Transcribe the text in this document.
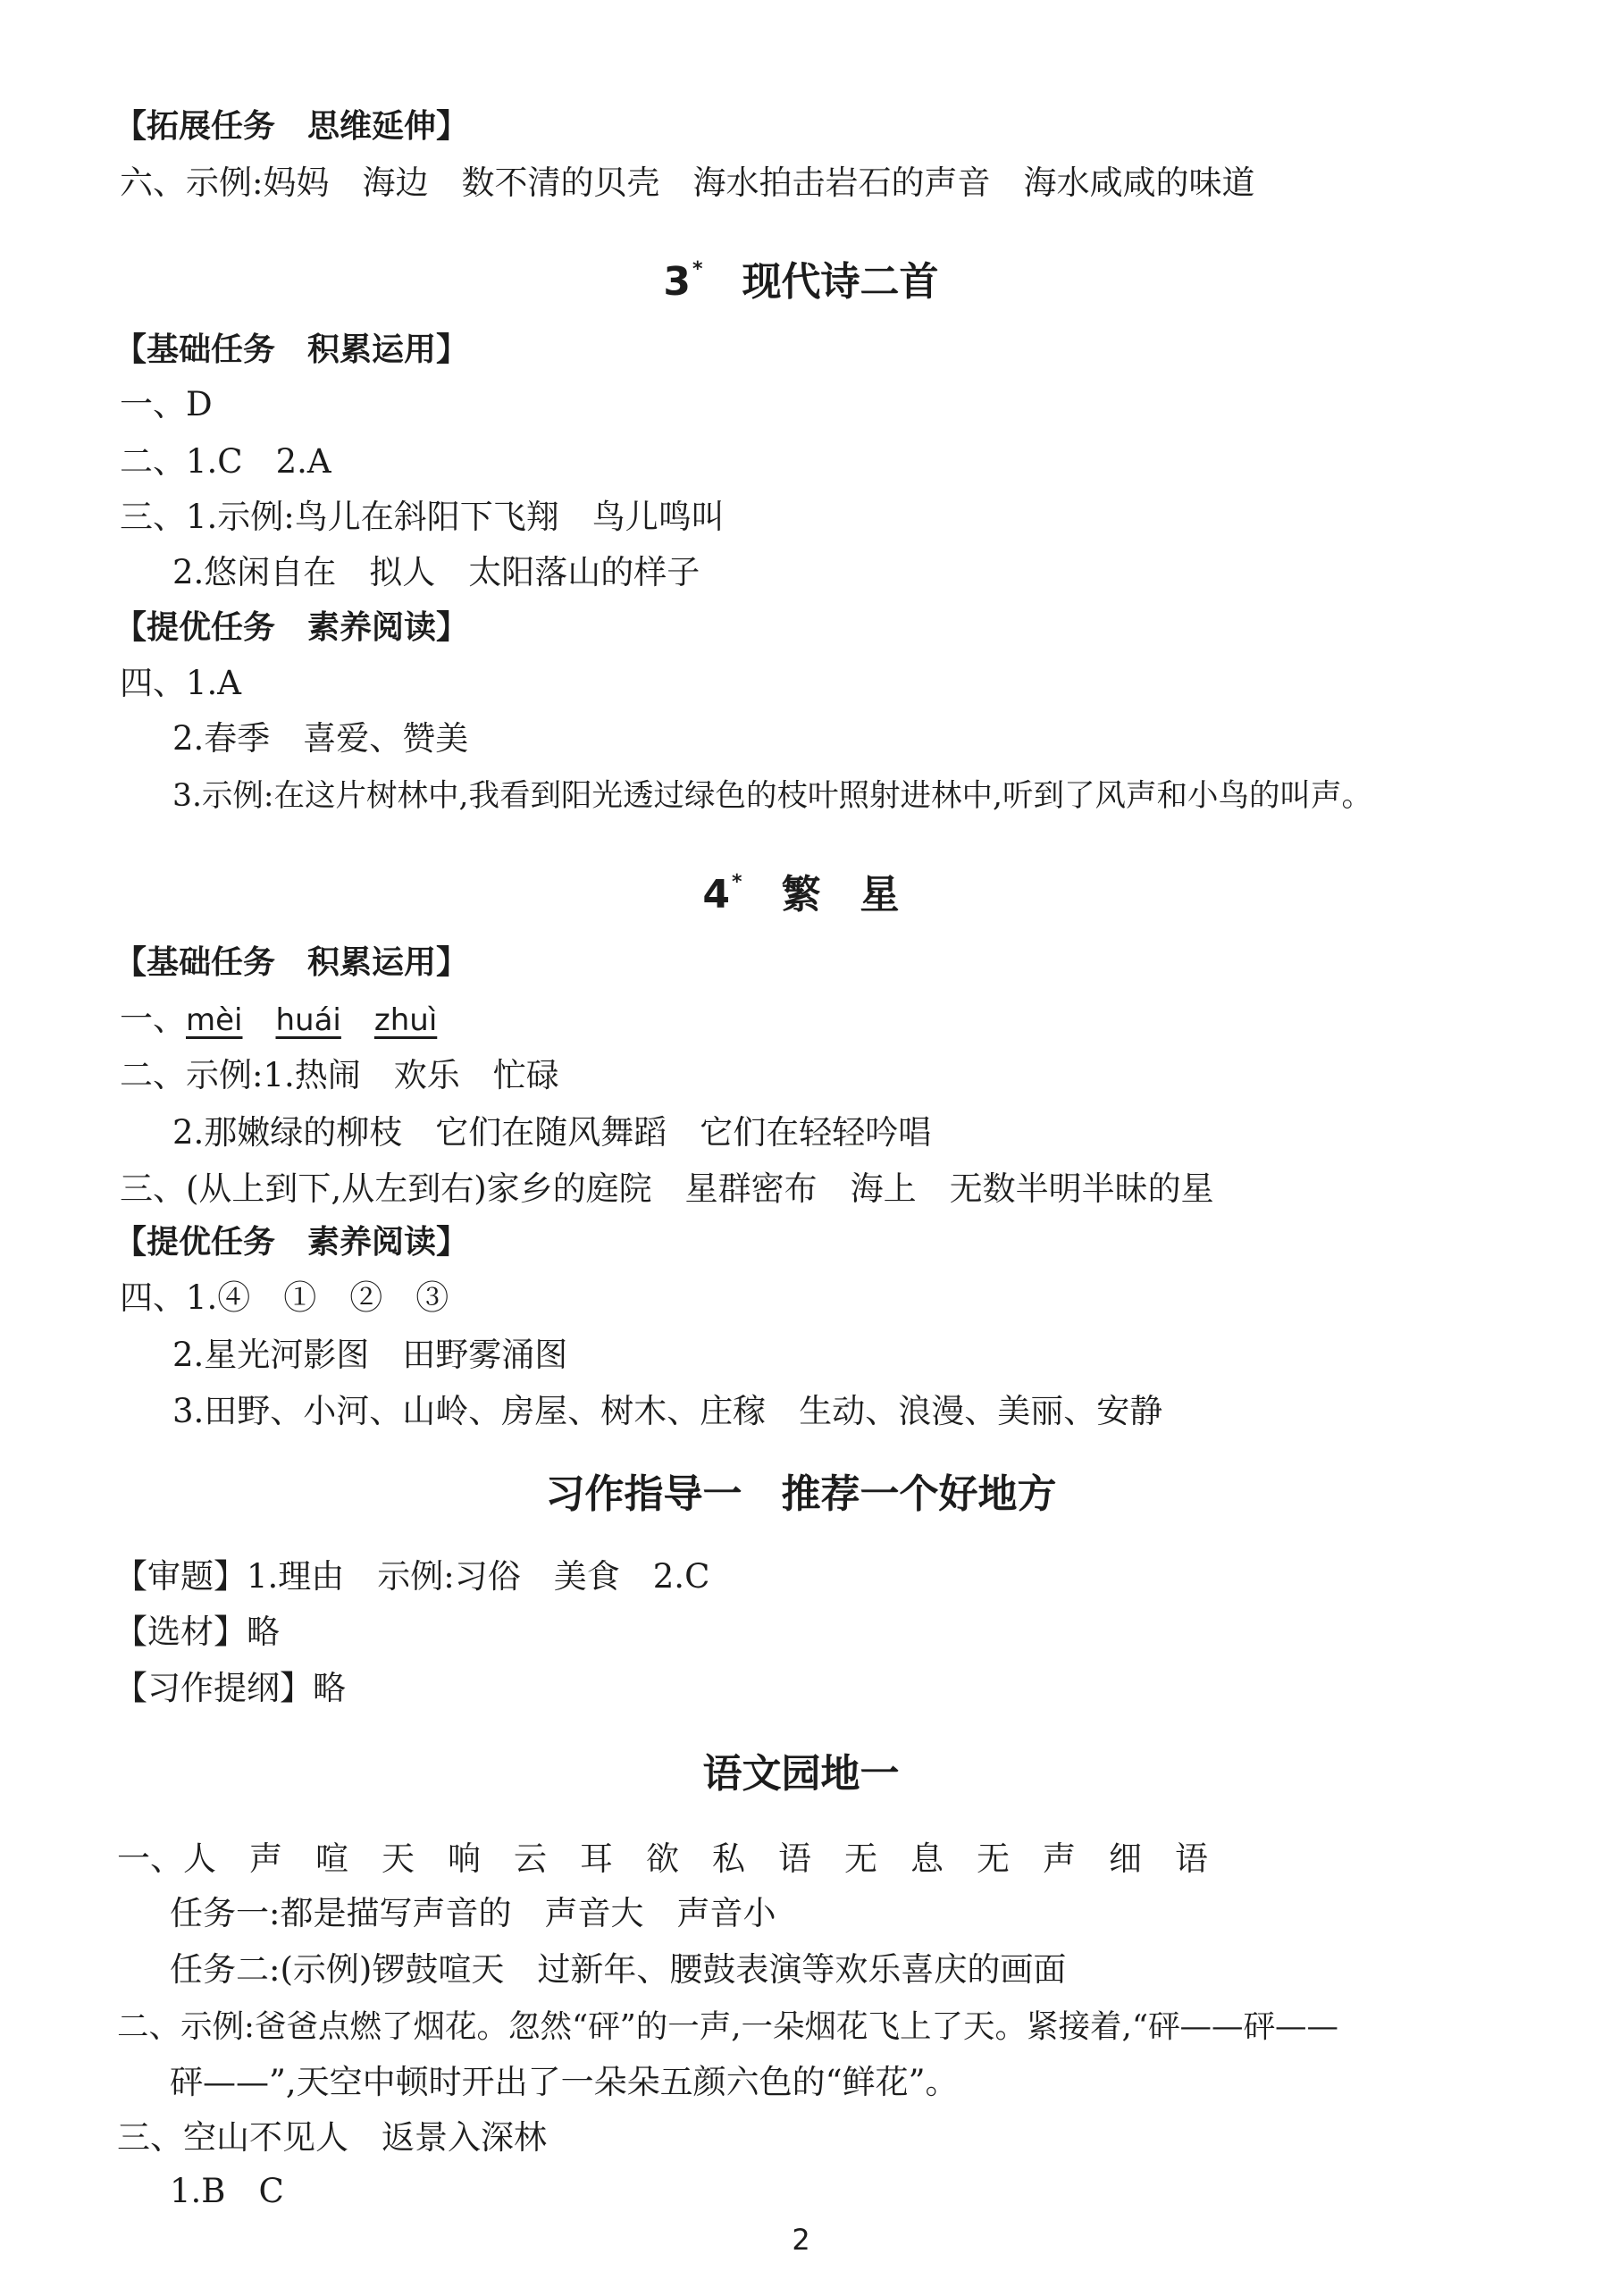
【拓展任务　思维延伸】
六、示例:妈妈　海边　数不清的贝壳　海水拍击岩石的声音　海水咸咸的味道
3*　 现代诗二首
【基础任务　积累运用】
一、D
二、1.C　2.A
三、1.示例:鸟儿在斜阳下飞翔　鸟儿鸣叫
2.悠闲自在　拟人　太阳落山的样子
【提优任务　素养阅读】
四、1.A
2.春季　喜爱、赞美
3.示例:在这片树林中,我看到阳光透过绿色的枝叶照射进林中,听到了风声和小鸟的叫声。
4*　 繁　星
【基础任务　积累运用】
一、mèi　 huái　 zhuì
二、示例:1.热闹　欢乐　忙碌
2.那嫩绿的柳枝　它们在随风舞蹈　它们在轻轻吟唱
三、(从上到下,从左到右)家乡的庭院　星群密布　海上　无数半明半昧的星
【提优任务　素养阅读】
四、1.④　①　②　③
2.星光河影图　田野雾涌图
3.田野、小河、山岭、房屋、树木、庄稼　生动、浪漫、美丽、安静
习作指导一　推荐一个好地方
【审题】1.理由　示例:习俗　美食　2.C
【选材】略
【习作提纲】略
语文园地一
一、人　声　喧　天　响　云　耳　欲　私　语　无　息　无　声　细　语
任务一:都是描写声音的　声音大　声音小
任务二:(示例)锣鼓喧天　过新年、腰鼓表演等欢乐喜庆的画面
二、示例:爸爸点燃了烟花。忽然“砰”的一声,一朵烟花飞上了天。紧接着,“砰——砰——
砰——”,天空中顿时开出了一朵朵五颜六色的“鲜花”。
三、空山不见人　返景入深林
1.B　C
2
